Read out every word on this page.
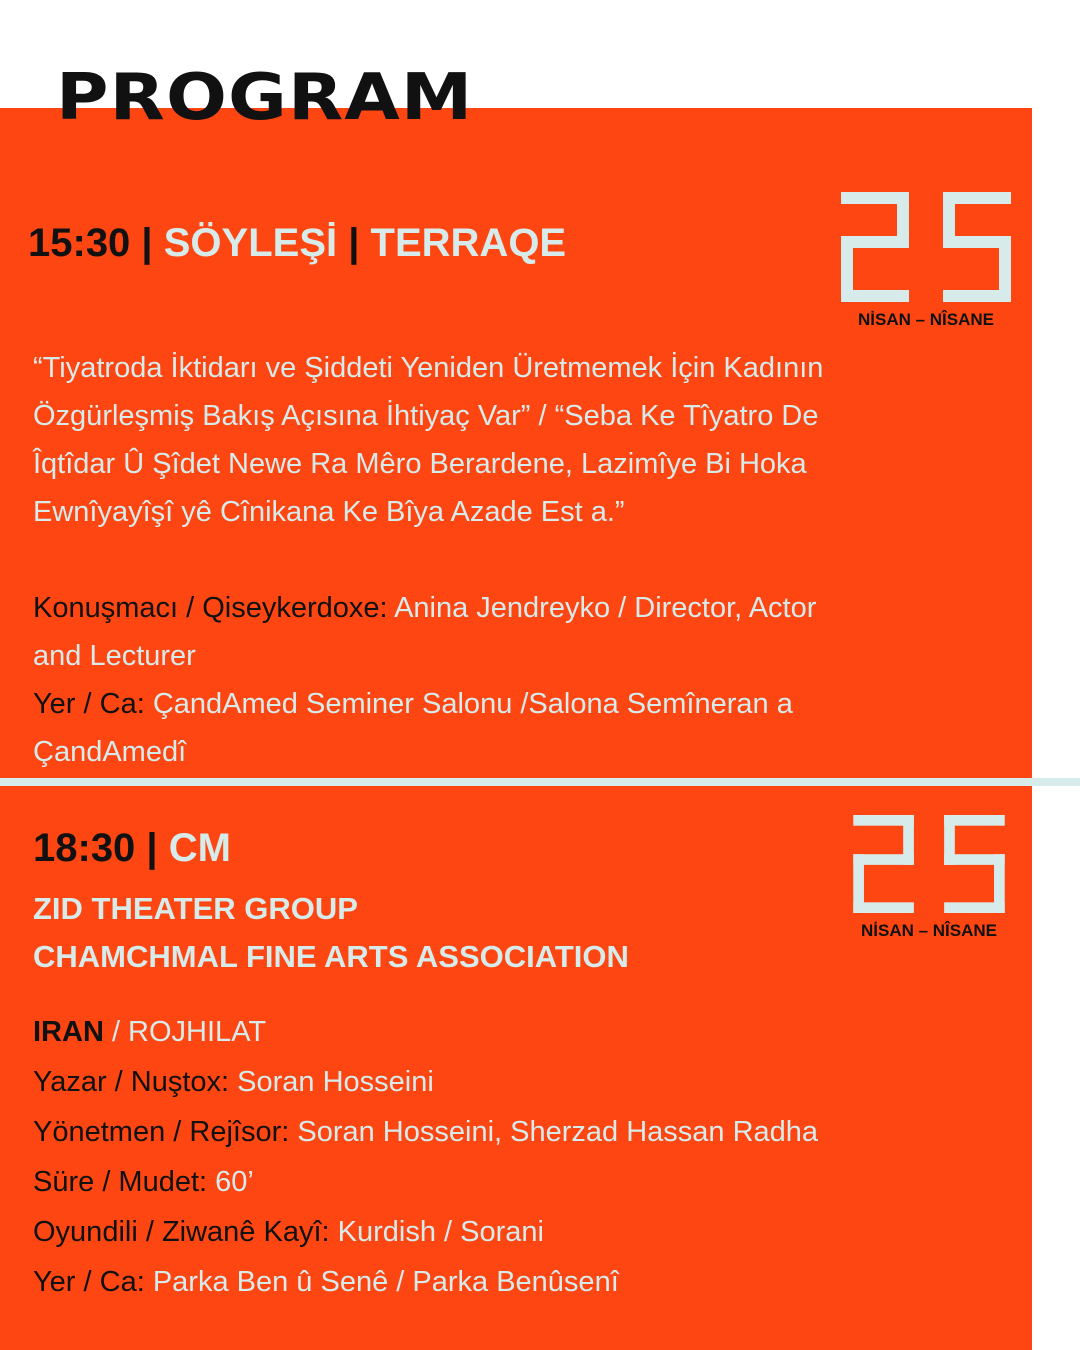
PROGRAM
15:30 | SÖYLEŞİ | TERRAQE
NİSAN – NÎSANE
“Tiyatroda İktidarı ve Şiddeti Yeniden Üretmemek İçin Kadının
Özgürleşmiş Bakış Açısına İhtiyaç Var” / “Seba Ke Tîyatro De
Îqtîdar Û Şîdet Newe Ra Mêro Berardene, Lazimîye Bi Hoka
Ewnîyayîşî yê Cînikana Ke Bîya Azade Est a.”

Konuşmacı / Qiseykerdoxe: Anina Jendreyko / Director, Actor
and Lecturer
Yer / Ca: ÇandAmed Seminer Salonu /Salona Semîneran a
ÇandAmedî
18:30 | CM
ZID THEATER GROUP
CHAMCHMAL FINE ARTS ASSOCIATION
NİSAN – NÎSANE
IRAN / ROJHILAT
Yazar / Nuştox: Soran Hosseini
Yönetmen / Rejîsor: Soran Hosseini, Sherzad Hassan Radha
Süre / Mudet: 60’
Oyundili / Ziwanê Kayî: Kurdish / Sorani
Yer / Ca: Parka Ben û Senê / Parka Benûsenî
